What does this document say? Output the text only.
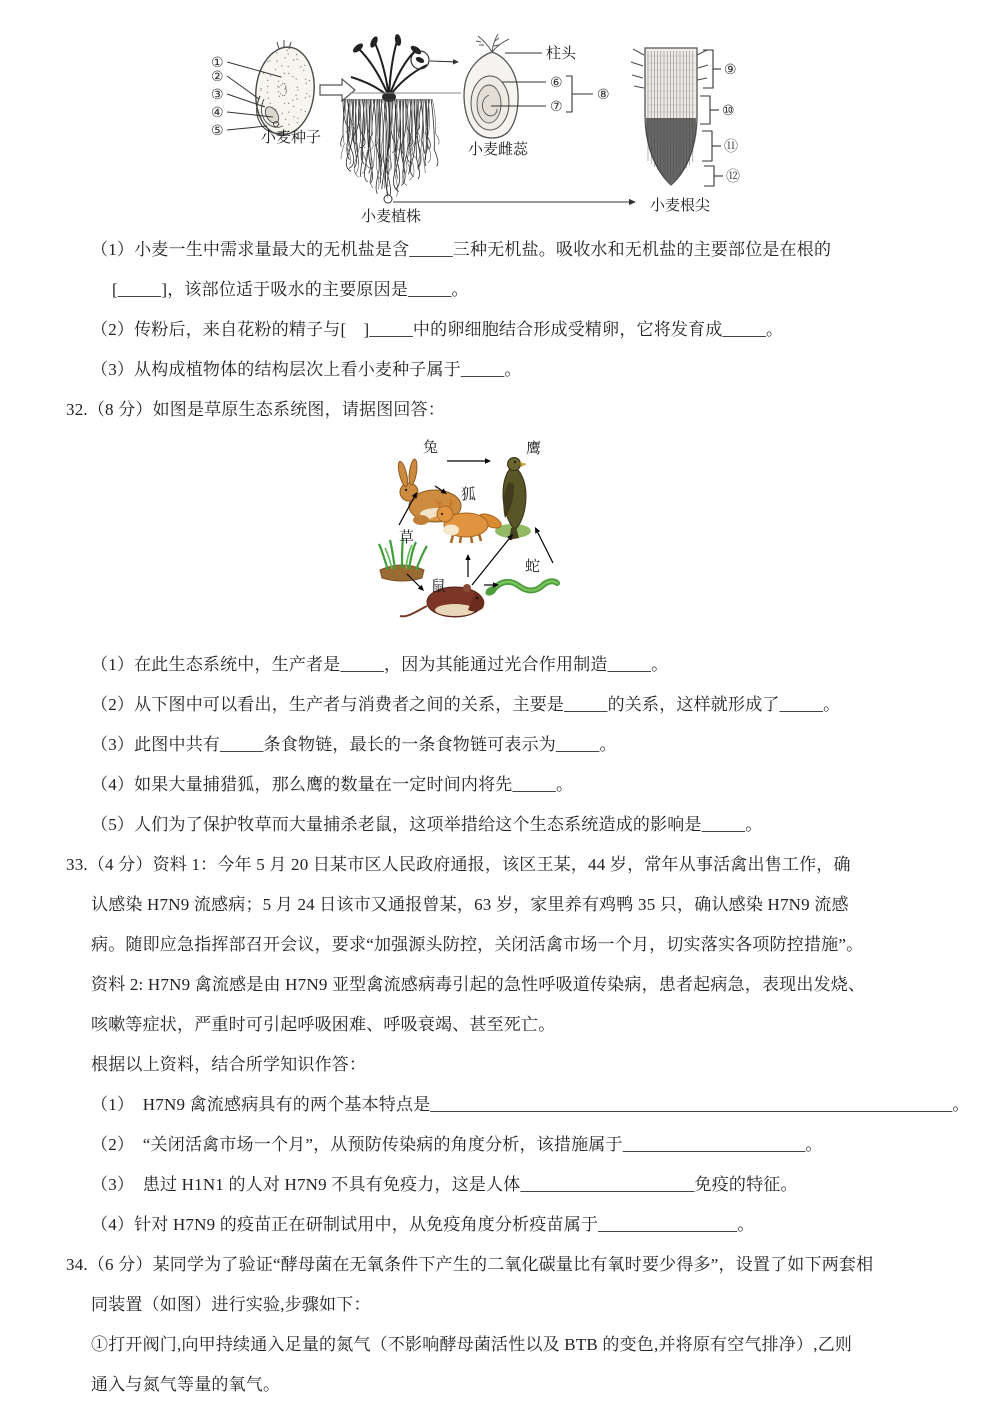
①
②
③
④
⑤ 小麦种子
小麦植株
柱头
⑥
⑦
⑧
小麦雌蕊
⑨
⑩
⑪
⑫
小麦根尖
（1）小麦一生中需求量最大的无机盐是含_____三种无机盐。吸收水和无机盐的主要部位是在根的
[_____]，该部位适于吸水的主要原因是_____。
（2）传粉后，来自花粉的精子与[　]_____中的卵细胞结合形成受精卵，它将发育成_____。
（3）从构成植物体的结构层次上看小麦种子属于_____。
32.（8 分）如图是草原生态系统图，请据图回答：
兔	鹰
狐
草
蛇
鼠
（1）在此生态系统中，生产者是_____，因为其能通过光合作用制造_____。
（2）从下图中可以看出，生产者与消费者之间的关系，主要是_____的关系，这样就形成了_____。
（3）此图中共有_____条食物链，最长的一条食物链可表示为_____。
（4）如果大量捕猎狐，那么鹰的数量在一定时间内将先_____。
（5）人们为了保护牧草而大量捕杀老鼠，这项举措给这个生态系统造成的影响是_____。
33.（4 分）资料 1：今年 5 月 20 日某市区人民政府通报，该区王某，44 岁，常年从事活禽出售工作，确
认感染 H7N9 流感病；5 月 24 日该市又通报曾某，63 岁，家里养有鸡鸭 35 只，确认感染 H7N9 流感
病。随即应急指挥部召开会议，要求“加强源头防控，关闭活禽市场一个月，切实落实各项防控措施”。
资料 2: H7N9 禽流感是由 H7N9 亚型禽流感病毒引起的急性呼吸道传染病，患者起病急，表现出发烧、
咳嗽等症状，严重时可引起呼吸困难、呼吸衰竭、甚至死亡。
根据以上资料，结合所学知识作答：
（1）　H7N9 禽流感病具有的两个基本特点是____________________________________________________________。
（2）　“关闭活禽市场一个月”，从预防传染病的角度分析，该措施属于_____________________。
（3）　患过 H1N1 的人对 H7N9 不具有免疫力，这是人体____________________免疫的特征。
（4）针对 H7N9 的疫苗正在研制试用中，从免疫角度分析疫苗属于________________。
34.（6 分）某同学为了验证“酵母菌在无氧条件下产生的二氧化碳量比有氧时要少得多”，设置了如下两套相
同装置（如图）进行实验,步骤如下：
①打开阀门,向甲持续通入足量的氮气（不影响酵母菌活性以及 BTB 的变色,并将原有空气排净）,乙则
通入与氮气等量的氧气。
